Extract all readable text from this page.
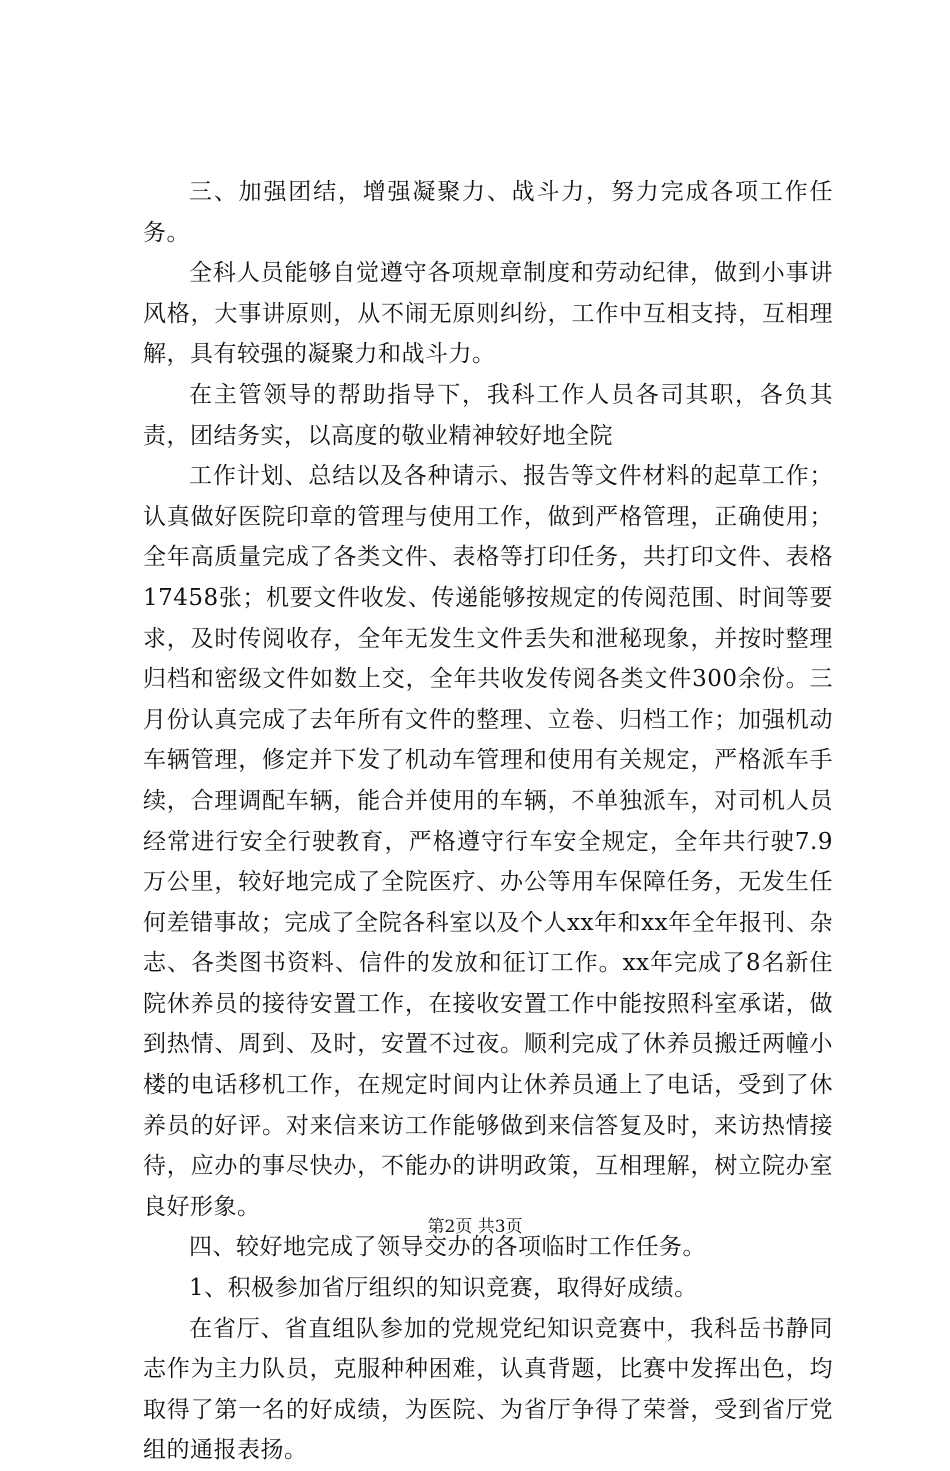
三、加强团结，增强凝聚力、战斗力，努力完成各项工作任务。

全科人员能够自觉遵守各项规章制度和劳动纪律，做到小事讲风格，大事讲原则，从不闹无原则纠纷，工作中互相支持，互相理解，具有较强的凝聚力和战斗力。

在主管领导的帮助指导下，我科工作人员各司其职，各负其责，团结务实，以高度的敬业精神较好地全院

工作计划、总结以及各种请示、报告等文件材料的起草工作；认真做好医院印章的管理与使用工作，做到严格管理，正确使用；全年高质量完成了各类文件、表格等打印任务，共打印文件、表格17458张；机要文件收发、传递能够按规定的传阅范围、时间等要求，及时传阅收存，全年无发生文件丢失和泄秘现象，并按时整理归档和密级文件如数上交，全年共收发传阅各类文件300余份。三月份认真完成了去年所有文件的整理、立卷、归档工作；加强机动车辆管理，修定并下发了机动车管理和使用有关规定，严格派车手续，合理调配车辆，能合并使用的车辆，不单独派车，对司机人员经常进行安全行驶教育，严格遵守行车安全规定，全年共行驶7.9万公里，较好地完成了全院医疗、办公等用车保障任务，无发生任何差错事故；完成了全院各科室以及个人xx年和xx年全年报刊、杂志、各类图书资料、信件的发放和征订工作。xx年完成了8名新住院休养员的接待安置工作，在接收安置工作中能按照科室承诺，做到热情、周到、及时，安置不过夜。顺利完成了休养员搬迁两幢小楼的电话移机工作，在规定时间内让休养员通上了电话，受到了休养员的好评。对来信来访工作能够做到来信答复及时，来访热情接待，应办的事尽快办，不能办的讲明政策，互相理解，树立院办室良好形象。

四、较好地完成了领导交办的各项临时工作任务。

1、积极参加省厅组织的知识竞赛，取得好成绩。

在省厅、省直组队参加的党规党纪知识竞赛中，我科岳书静同志作为主力队员，克服种种困难，认真背题，比赛中发挥出色，均取得了第一名的好成绩，为医院、为省厅争得了荣誉，受到省厅党组的通报表扬。

第2页 共3页
